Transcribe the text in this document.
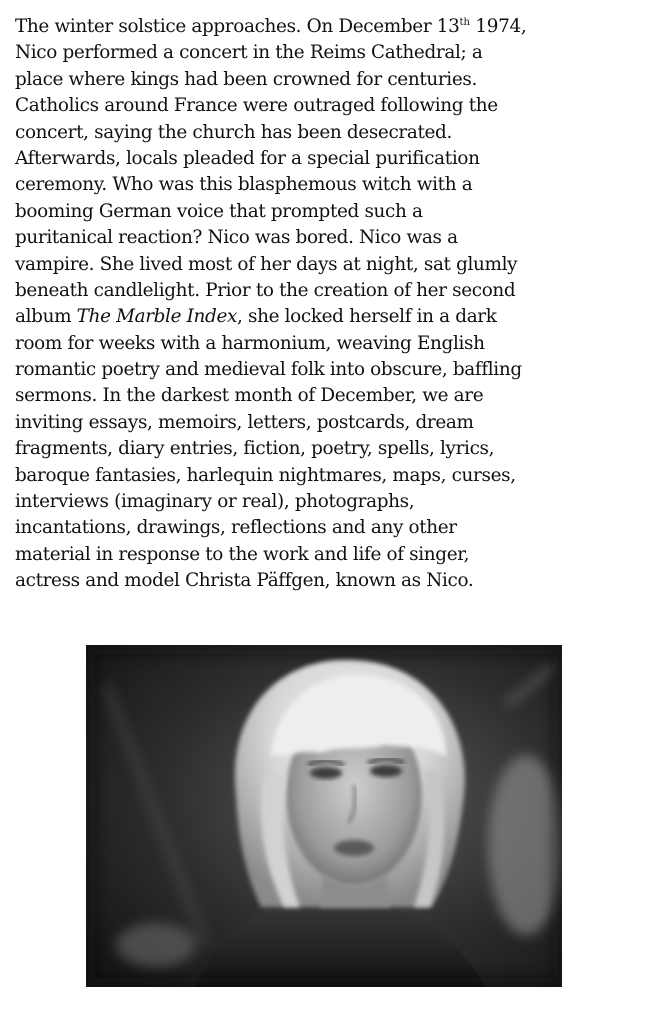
The winter solstice approaches. On December 13th 1974,
Nico performed a concert in the Reims Cathedral; a
place where kings had been crowned for centuries.
Catholics around France were outraged following the
concert, saying the church has been desecrated.
Afterwards, locals pleaded for a special purification
ceremony. Who was this blasphemous witch with a
booming German voice that prompted such a
puritanical reaction? Nico was bored. Nico was a
vampire. She lived most of her days at night, sat glumly
beneath candlelight. Prior to the creation of her second
album The Marble Index, she locked herself in a dark
room for weeks with a harmonium, weaving English
romantic poetry and medieval folk into obscure, baffling
sermons. In the darkest month of December, we are
inviting essays, memoirs, letters, postcards, dream
fragments, diary entries, fiction, poetry, spells, lyrics,
baroque fantasies, harlequin nightmares, maps, curses,
interviews (imaginary or real), photographs,
incantations, drawings, reflections and any other
material in response to the work and life of singer,
actress and model Christa Päffgen, known as Nico.
